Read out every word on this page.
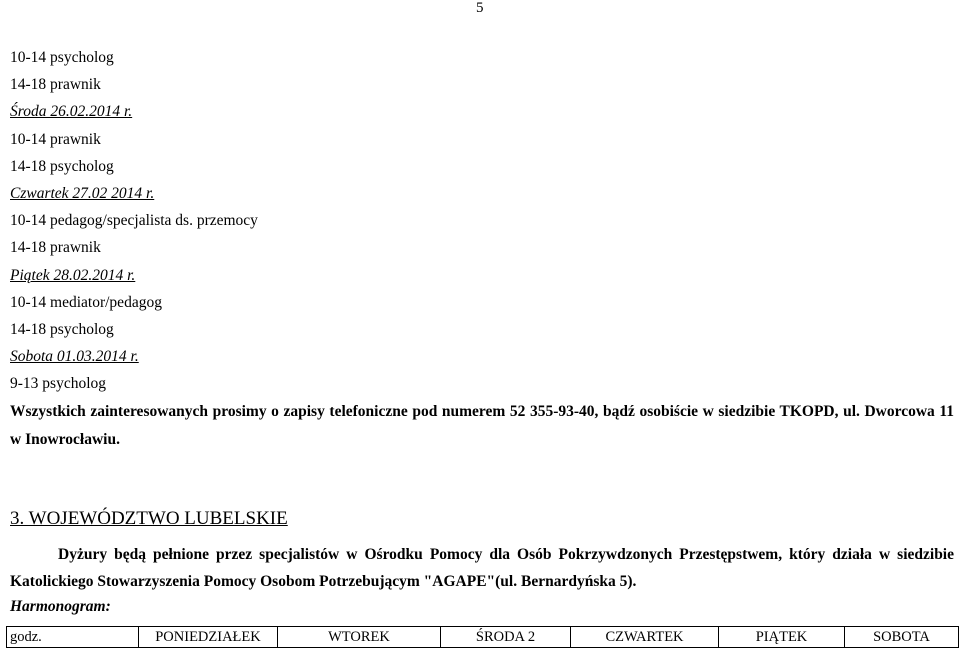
5
10-14 psycholog
14-18 prawnik
Środa 26.02.2014 r.
10-14 prawnik
14-18 psycholog
Czwartek 27.02 2014 r.
10-14 pedagog/specjalista ds. przemocy
14-18 prawnik
Piątek 28.02.2014 r.
10-14 mediator/pedagog
14-18 psycholog
Sobota 01.03.2014 r.
9-13 psycholog

Wszystkich zainteresowanych prosimy o zapisy telefoniczne pod numerem 52 355-93-40, bądź osobiście w siedzibie TKOPD, ul. Dworcowa 11 w Inowrocławiu.

3. WOJEWÓDZTWO LUBELSKIE

Dyżury będą pełnione przez specjalistów w Ośrodku Pomocy dla Osób Pokrzywdzonych Przestępstwem, który działa w siedzibie Katolickiego Stowarzyszenia Pomocy Osobom Potrzebującym "AGAPE"(ul. Bernardyńska 5).

Harmonogram:

godz.	PONIEDZIAŁEK	WTOREK	ŚRODA 2	CZWARTEK	PIĄTEK	SOBOTA
